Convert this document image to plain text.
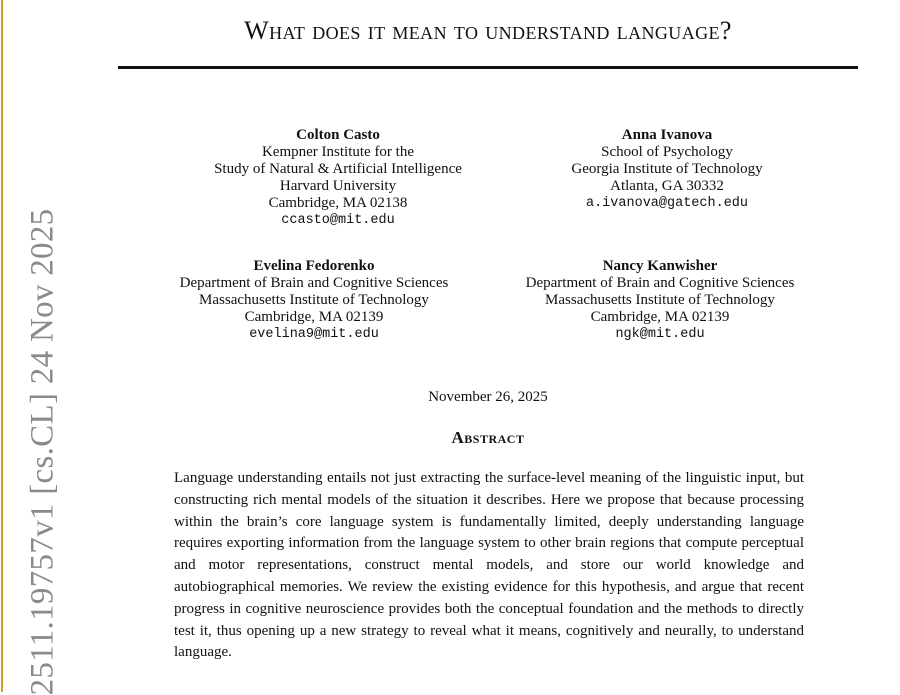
2511.19757v1 [cs.CL] 24 Nov 2025
What does it mean to understand language?
Colton Casto
Kempner Institute for the
Study of Natural & Artificial Intelligence
Harvard University
Cambridge, MA 02138
ccasto@mit.edu
Anna Ivanova
School of Psychology
Georgia Institute of Technology
Atlanta, GA 30332
a.ivanova@gatech.edu
Evelina Fedorenko
Department of Brain and Cognitive Sciences
Massachusetts Institute of Technology
Cambridge, MA 02139
evelina9@mit.edu
Nancy Kanwisher
Department of Brain and Cognitive Sciences
Massachusetts Institute of Technology
Cambridge, MA 02139
ngk@mit.edu
November 26, 2025
Abstract
Language understanding entails not just extracting the surface-level meaning of the linguistic input, but constructing rich mental models of the situation it describes. Here we propose that because processing within the brain’s core language system is fundamentally limited, deeply understanding language requires exporting information from the language system to other brain regions that compute perceptual and motor representations, construct mental models, and store our world knowledge and autobiographical memories. We review the existing evidence for this hypothesis, and argue that recent progress in cognitive neuroscience provides both the conceptual foundation and the methods to directly test it, thus opening up a new strategy to reveal what it means, cognitively and neurally, to understand language.
